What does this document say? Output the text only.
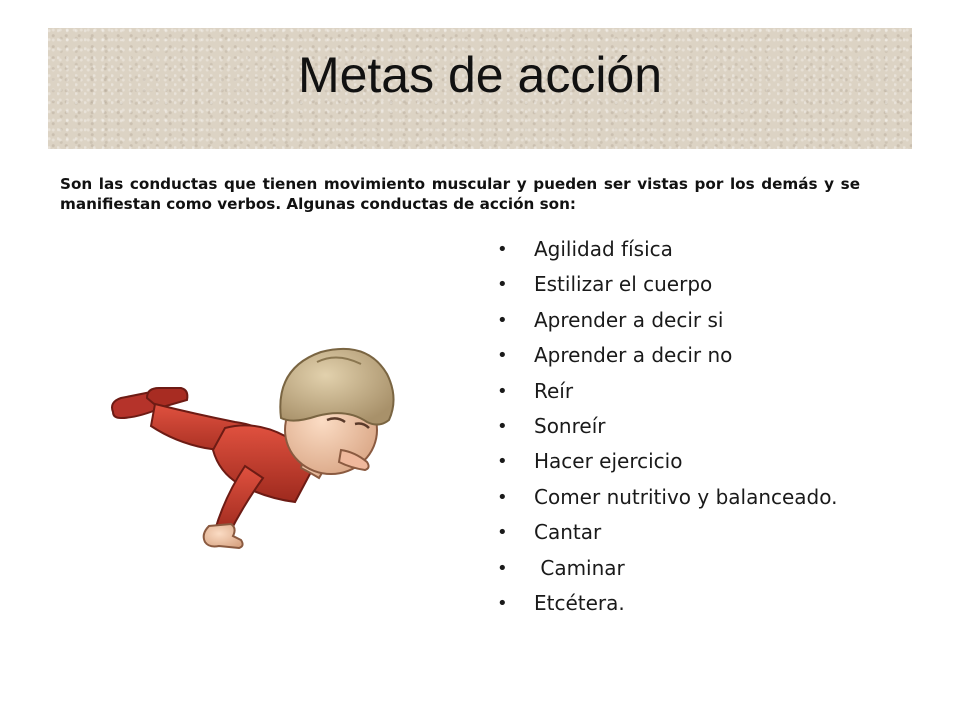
Metas de acción

Son las conductas que tienen movimiento muscular y pueden ser vistas por los demás y se manifiestan como verbos. Algunas conductas de acción son:

• Agilidad física
• Estilizar el cuerpo
• Aprender a decir si
• Aprender a decir no
• Reír
• Sonreír
• Hacer ejercicio
• Comer nutritivo y balanceado.
• Cantar
•  Caminar
• Etcétera.
